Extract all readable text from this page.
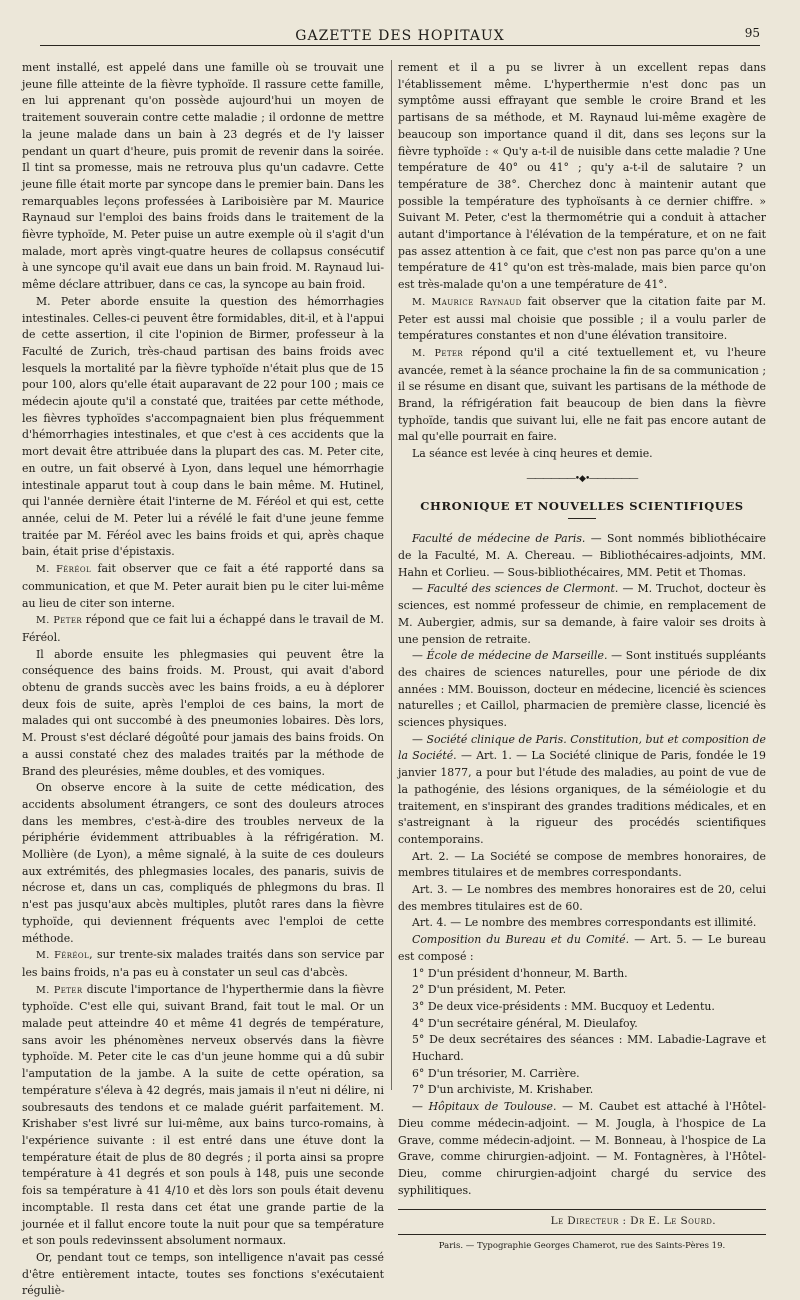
GAZETTE DES HOPITAUX	95

ment installé, est appelé dans une famille où se trouvait une jeune fille atteinte de la fièvre typhoïde. Il rassure cette famille, en lui apprenant qu'on possède aujourd'hui un moyen de traitement souverain contre cette maladie ; il ordonne de mettre la jeune malade dans un bain à 23 degrés et de l'y laisser pendant un quart d'heure, puis promit de revenir dans la soirée. Il tint sa promesse, mais ne retrouva plus qu'un cadavre. Cette jeune fille était morte par syncope dans le premier bain. Dans les remarquables leçons professées à Lariboisière par M. Maurice Raynaud sur l'emploi des bains froids dans le traitement de la fièvre typhoïde, M. Peter puise un autre exemple où il s'agit d'un malade, mort après vingt-quatre heures de collapsus consécutif à une syncope qu'il avait eue dans un bain froid. M. Raynaud lui-même déclare attribuer, dans ce cas, la syncope au bain froid.

M. Peter aborde ensuite la question des hémorrhagies intestinales. Celles-ci peuvent être formidables, dit-il, et à l'appui de cette assertion, il cite l'opinion de Birmer, professeur à la Faculté de Zurich, très-chaud partisan des bains froids avec lesquels la mortalité par la fièvre typhoïde n'était plus que de 15 pour 100, alors qu'elle était auparavant de 22 pour 100 ; mais ce médecin ajoute qu'il a constaté que, traitées par cette méthode, les fièvres typhoïdes s'accompagnaient bien plus fréquemment d'hémorrhagies intestinales, et que c'est à ces accidents que la mort devait être attribuée dans la plupart des cas. M. Peter cite, en outre, un fait observé à Lyon, dans lequel une hémorrhagie intestinale apparut tout à coup dans le bain même. M. Hutinel, qui l'année dernière était l'interne de M. Féréol et qui est, cette année, celui de M. Peter lui a révélé le fait d'une jeune femme traitée par M. Féréol avec les bains froids et qui, après chaque bain, était prise d'épistaxis.

M. Féréol fait observer que ce fait a été rapporté dans sa communication, et que M. Peter aurait bien pu le citer lui-même au lieu de citer son interne.

M. Peter répond que ce fait lui a échappé dans le travail de M. Féréol.

Il aborde ensuite les phlegmasies qui peuvent être la conséquence des bains froids. M. Proust, qui avait d'abord obtenu de grands succès avec les bains froids, a eu à déplorer deux fois de suite, après l'emploi de ces bains, la mort de malades qui ont succombé à des pneumonies lobaires. Dès lors, M. Proust s'est déclaré dégoûté pour jamais des bains froids. On a aussi constaté chez des malades traités par la méthode de Brand des pleurésies, même doubles, et des vomiques.

On observe encore à la suite de cette médication, des accidents absolument étrangers, ce sont des douleurs atroces dans les membres, c'est-à-dire des troubles nerveux de la périphérie évidemment attribuables à la réfrigération. M. Mollière (de Lyon), a même signalé, à la suite de ces douleurs aux extrémités, des phlegmasies locales, des panaris, suivis de nécrose et, dans un cas, compliqués de phlegmons du bras. Il n'est pas jusqu'aux abcès multiples, plutôt rares dans la fièvre typhoïde, qui deviennent fréquents avec l'emploi de cette méthode.

M. Féréol, sur trente-six malades traités dans son service par les bains froids, n'a pas eu à constater un seul cas d'abcès.

M. Peter discute l'importance de l'hyperthermie dans la fièvre typhoïde. C'est elle qui, suivant Brand, fait tout le mal. Or un malade peut atteindre 40 et même 41 degrés de température, sans avoir les phénomènes nerveux observés dans la fièvre typhoïde. M. Peter cite le cas d'un jeune homme qui a dû subir l'amputation de la jambe. A la suite de cette opération, sa température s'éleva à 42 degrés, mais jamais il n'eut ni délire, ni soubresauts des tendons et ce malade guérit parfaitement. M. Krishaber s'est livré sur lui-même, aux bains turco-romains, à l'expérience suivante : il est entré dans une étuve dont la température était de plus de 80 degrés ; il porta ainsi sa propre température à 41 degrés et son pouls à 148, puis une seconde fois sa température à 41 4/10 et dès lors son pouls était devenu incomptable. Il resta dans cet état une grande partie de la journée et il fallut encore toute la nuit pour que sa température et son pouls redevinssent absolument normaux.

Or, pendant tout ce temps, son intelligence n'avait pas cessé d'être entièrement intacte, toutes ses fonctions s'exécutaient réguliè-

rement et il a pu se livrer à un excellent repas dans l'établissement même. L'hyperthermie n'est donc pas un symptôme aussi effrayant que semble le croire Brand et les partisans de sa méthode, et M. Raynaud lui-même exagère de beaucoup son importance quand il dit, dans ses leçons sur la fièvre typhoïde : « Qu'y a-t-il de nuisible dans cette maladie ? Une température de 40° ou 41° ; qu'y a-t-il de salutaire ? un température de 38°. Cherchez donc à maintenir autant que possible la température des typhoïsants à ce dernier chiffre. » Suivant M. Peter, c'est la thermométrie qui a conduit à attacher autant d'importance à l'élévation de la température, et on ne fait pas assez attention à ce fait, que c'est non pas parce qu'on a une température de 41° qu'on est très-malade, mais bien parce qu'on est très-malade qu'on a une température de 41°.

M. Maurice Raynaud fait observer que la citation faite par M. Peter est aussi mal choisie que possible ; il a voulu parler de températures constantes et non d'une élévation transitoire.

M. Peter répond qu'il a cité textuellement et, vu l'heure avancée, remet à la séance prochaine la fin de sa communication ; il se résume en disant que, suivant les partisans de la méthode de Brand, la réfrigération fait beaucoup de bien dans la fièvre typhoïde, tandis que suivant lui, elle ne fait pas encore autant de mal qu'elle pourrait en faire.

La séance est levée à cinq heures et demie.

――――――•◆•――――――
CHRONIQUE ET NOUVELLES SCIENTIFIQUES

Faculté de médecine de Paris. — Sont nommés bibliothécaire de la Faculté, M. A. Chereau. — Bibliothécaires-adjoints, MM. Hahn et Corlieu. — Sous-bibliothécaires, MM. Petit et Thomas.

— Faculté des sciences de Clermont. — M. Truchot, docteur ès sciences, est nommé professeur de chimie, en remplacement de M. Aubergier, admis, sur sa demande, à faire valoir ses droits à une pension de retraite.

— École de médecine de Marseille. — Sont institués suppléants des chaires de sciences naturelles, pour une période de dix années : MM. Bouisson, docteur en médecine, licencié ès sciences naturelles ; et Caillol, pharmacien de première classe, licencié ès sciences physiques.

— Société clinique de Paris. Constitution, but et composition de la Société. — Art. 1. — La Société clinique de Paris, fondée le 19 janvier 1877, a pour but l'étude des maladies, au point de vue de la pathogénie, des lésions organiques, de la séméiologie et du traitement, en s'inspirant des grandes traditions médicales, et en s'astreignant à la rigueur des procédés scientifiques contemporains.

Art. 2. — La Société se compose de membres honoraires, de membres titulaires et de membres correspondants.

Art. 3. — Le nombres des membres honoraires est de 20, celui des membres titulaires est de 60.

Art. 4. — Le nombre des membres correspondants est illimité.

Composition du Bureau et du Comité. — Art. 5. — Le bureau est composé :

1° D'un président d'honneur, M. Barth.
2° D'un président, M. Peter.
3° De deux vice-présidents : MM. Bucquoy et Ledentu.
4° D'un secrétaire général, M. Dieulafoy.
5° De deux secrétaires des séances : MM. Labadie-Lagrave et Huchard.
6° D'un trésorier, M. Carrière.
7° D'un archiviste, M. Krishaber.

— Hôpitaux de Toulouse. — M. Caubet est attaché à l'Hôtel-Dieu comme médecin-adjoint. — M. Jougla, à l'hospice de La Grave, comme médecin-adjoint. — M. Bonneau, à l'hospice de La Grave, comme chirurgien-adjoint. — M. Fontagnères, à l'Hôtel-Dieu, comme chirurgien-adjoint chargé du service des syphilitiques.

Le Directeur : Dr E. Le Sourd.
Paris. — Typographie Georges Chamerot, rue des Saints-Pères 19.
